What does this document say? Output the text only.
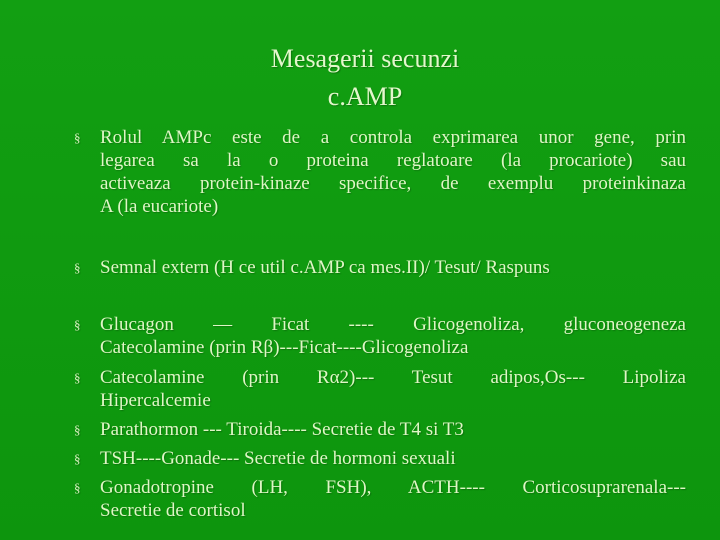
Mesagerii secunzi
c.AMP
§	Rolul AMPc este de a controla exprimarea unor gene, prin
legarea sa la o proteina reglatoare (la procariote) sau
activeaza protein-kinaze specifice, de exemplu proteinkinaza
A (la eucariote)
§	Semnal extern (H ce util c.AMP ca mes.II)/ Tesut/ Raspuns
§	Glucagon — Ficat ---- Glicogenoliza, gluconeogeneza
Catecolamine (prin Rβ)---Ficat----Glicogenoliza
§	Catecolamine (prin Rα2)--- Tesut adipos,Os--- Lipoliza
Hipercalcemie
§	Parathormon --- Tiroida---- Secretie de T4 si T3
§	TSH----Gonade--- Secretie de hormoni sexuali
§	Gonadotropine (LH, FSH), ACTH---- Corticosuprarenala---
Secretie de cortisol
